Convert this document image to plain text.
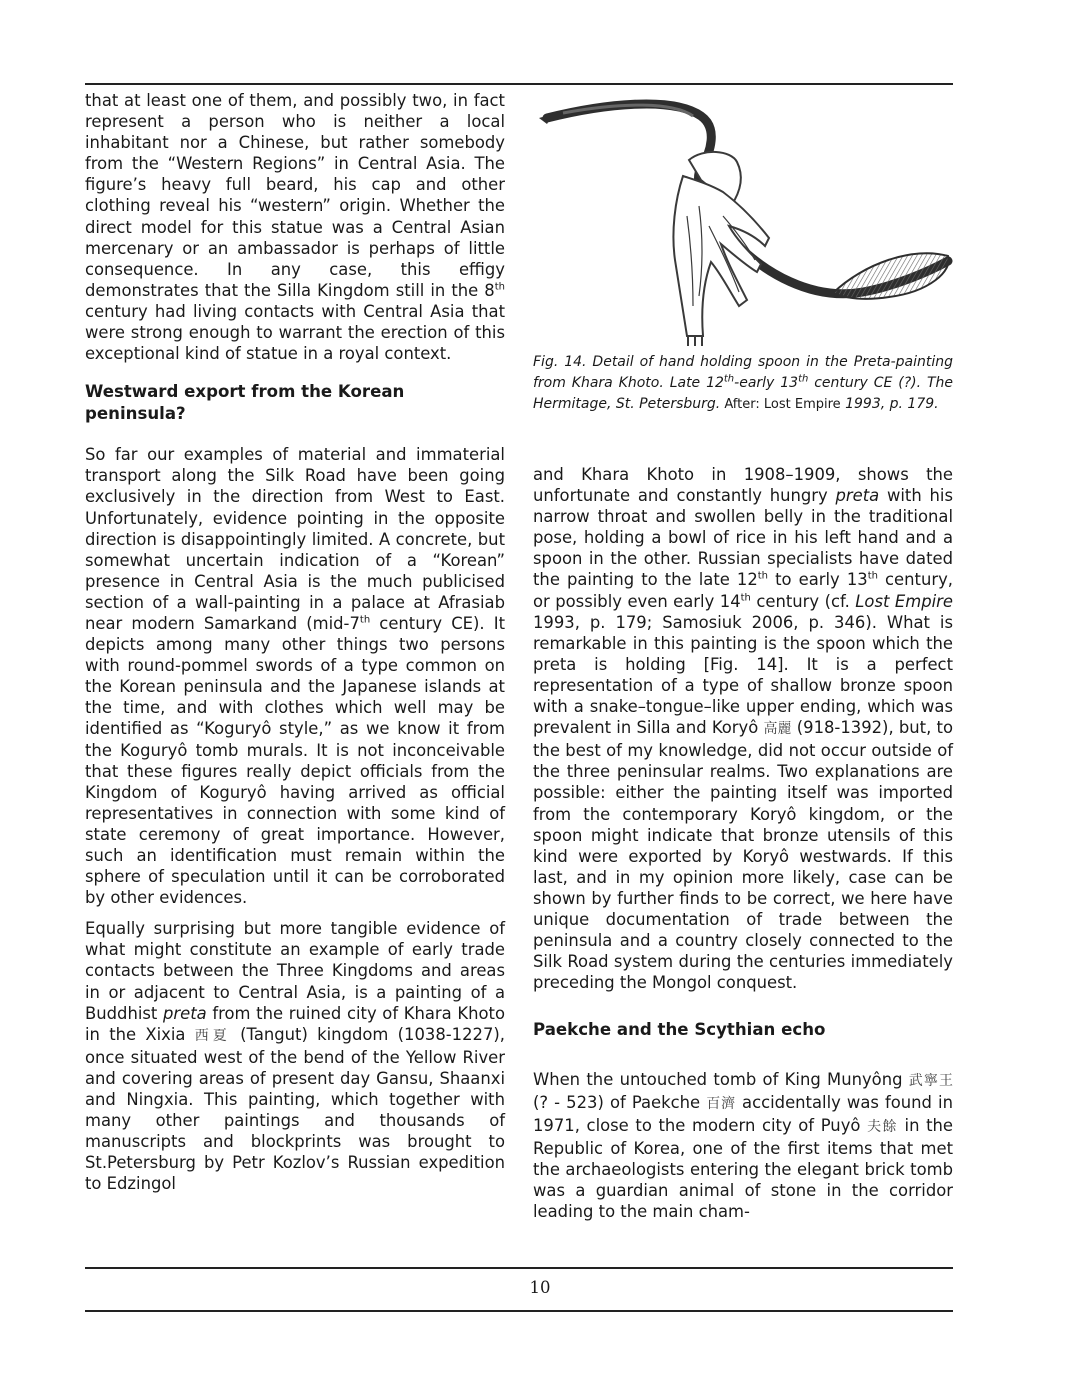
that at least one of them, and possibly two, in fact represent a person who is neither a local inhabitant nor a Chinese, but rather somebody from the “Western Regions” in Central Asia. The figure’s heavy full beard, his cap and other clothing reveal his “western” origin. Whether the direct model for this statue was a Central Asian mercenary or an ambassador is perhaps of little consequence. In any case, this effigy demonstrates that the Silla Kingdom still in the 8th century had living contacts with Central Asia that were strong enough to warrant the erection of this exceptional kind of statue in a royal context.

Westward export from the Korean peninsula?

So far our examples of material and immaterial transport along the Silk Road have been going exclusively in the direction from West to East. Unfortunately, evidence pointing in the opposite direction is disappointingly limited. A concrete, but somewhat uncertain indication of a “Korean” presence in Central Asia is the much publicised section of a wall-painting in a palace at Afrasiab near modern Samarkand (mid-7th century CE). It depicts among many other things two persons with round-pommel swords of a type common on the Korean peninsula and the Japanese islands at the time, and with clothes which well may be identified as “Koguryô style,” as we know it from the Koguryô tomb murals. It is not inconceivable that these figures really depict officials from the Kingdom of Koguryô having arrived as official representatives in connection with some kind of state ceremony of great importance. However, such an identification must remain within the sphere of speculation until it can be corroborated by other evidences.

Equally surprising but more tangible evidence of what might constitute an example of early trade contacts between the Three Kingdoms and areas in or adjacent to Central Asia, is a painting of a Buddhist preta from the ruined city of Khara Khoto in the Xixia 西夏 (Tangut) kingdom (1038-1227), once situated west of the bend of the Yellow River and covering areas of present day Gansu, Shaanxi and Ningxia. This painting, which together with many other paintings and thousands of manuscripts and blockprints was brought to St.Petersburg by Petr Kozlov’s Russian expedition to Edzingol

Fig. 14. Detail of hand holding spoon in the Preta-painting from Khara Khoto. Late 12th-early 13th century CE (?). The Hermitage, St. Petersburg. After: Lost Empire 1993, p. 179.

and Khara Khoto in 1908–1909, shows the unfortunate and constantly hungry preta with his narrow throat and swollen belly in the traditional pose, holding a bowl of rice in his left hand and a spoon in the other. Russian specialists have dated the painting to the late 12th to early 13th century, or possibly even early 14th century (cf. Lost Empire 1993, p. 179; Samosiuk 2006, p. 346). What is remarkable in this painting is the spoon which the preta is holding [Fig. 14]. It is a perfect representation of a type of shallow bronze spoon with a snake–tongue–like upper ending, which was prevalent in Silla and Koryô 高麗 (918-1392), but, to the best of my knowledge, did not occur outside of the three peninsular realms. Two explanations are possible: either the painting itself was imported from the contemporary Koryô kingdom, or the spoon might indicate that bronze utensils of this kind were exported by Koryô westwards. If this last, and in my opinion more likely, case can be shown by further finds to be correct, we here have unique documentation of trade between the peninsula and a country closely connected to the Silk Road system during the centuries immediately preceding the Mongol conquest.

Paekche and the Scythian echo

When the untouched tomb of King Munyông 武寧王 (? - 523) of Paekche 百濟 accidentally was found in 1971, close to the modern city of Puyô 夫餘 in the Republic of Korea, one of the first items that met the archaeologists entering the elegant brick tomb was a guardian animal of stone in the corridor leading to the main cham-

10
